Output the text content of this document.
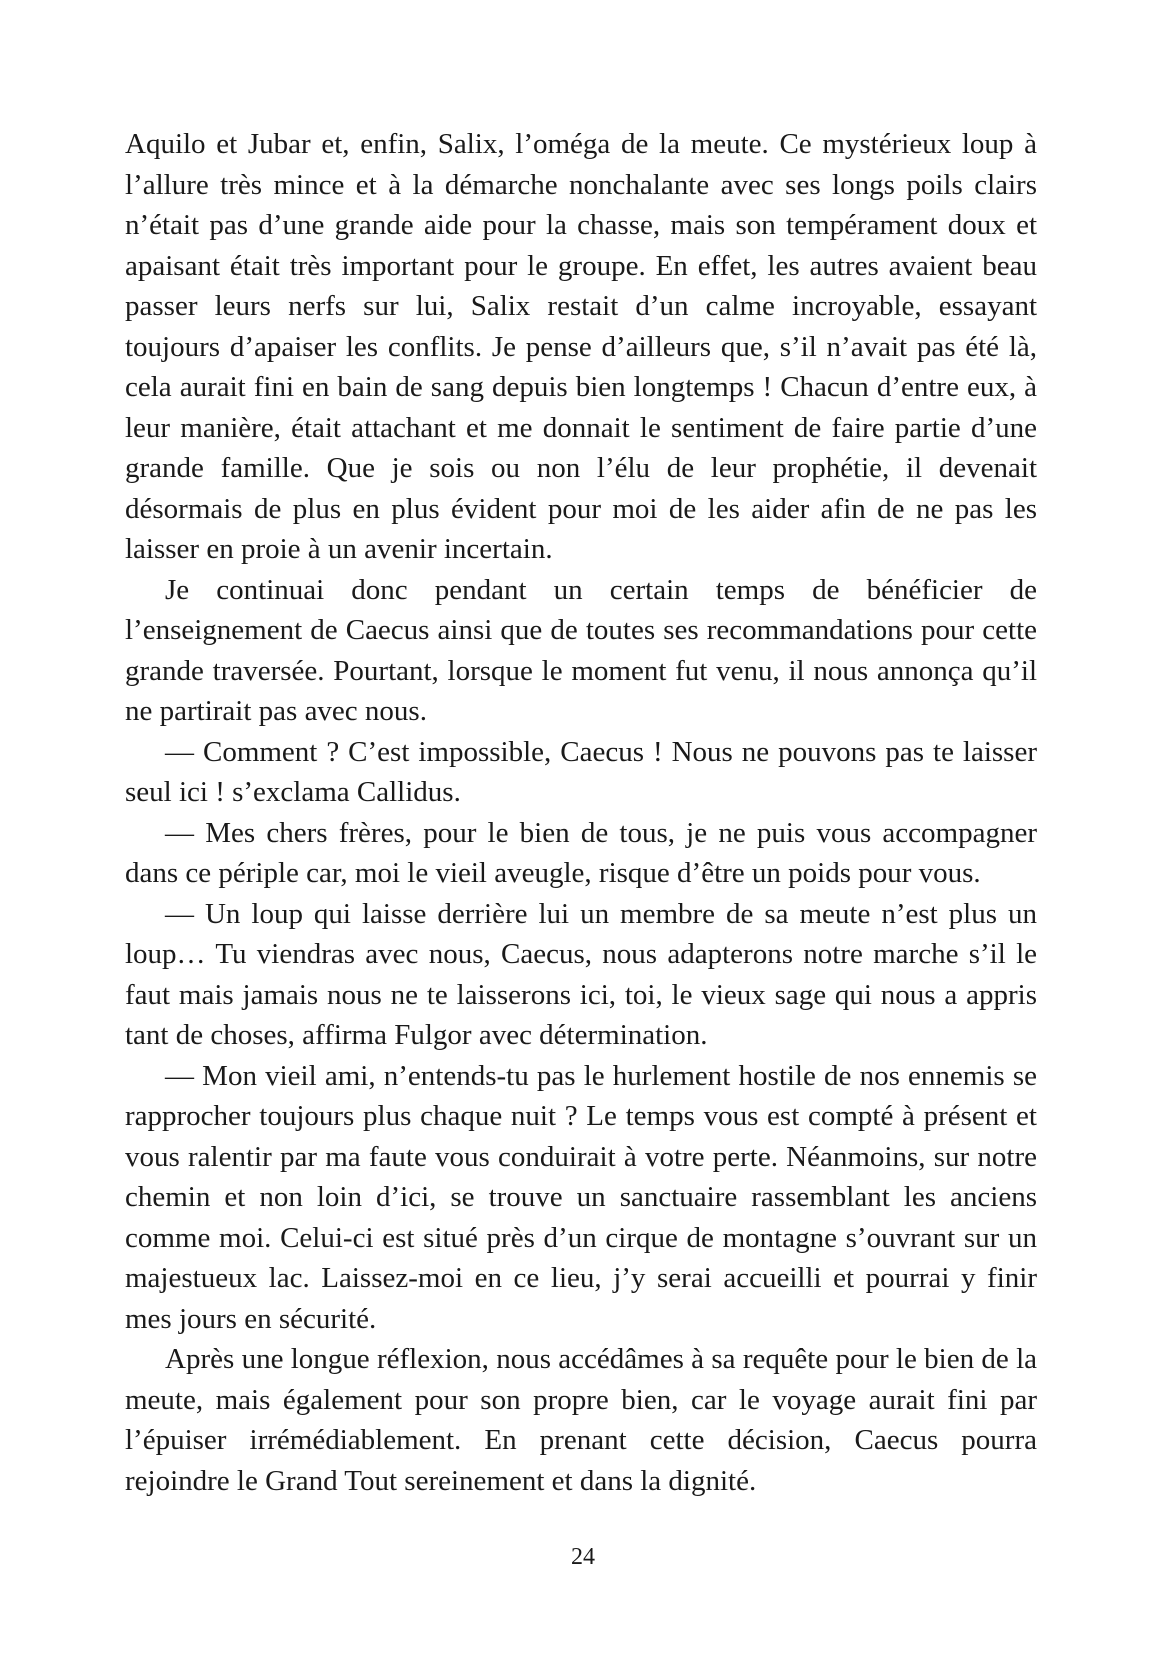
Aquilo et Jubar et, enfin, Salix, l’oméga de la meute. Ce mystérieux loup à l’allure très mince et à la démarche nonchalante avec ses longs poils clairs n’était pas d’une grande aide pour la chasse, mais son tempérament doux et apaisant était très important pour le groupe. En effet, les autres avaient beau passer leurs nerfs sur lui, Salix restait d’un calme incroyable, essayant toujours d’apaiser les conflits. Je pense d’ailleurs que, s’il n’avait pas été là, cela aurait fini en bain de sang depuis bien longtemps ! Chacun d’entre eux, à leur manière, était attachant et me donnait le sentiment de faire partie d’une grande famille. Que je sois ou non l’élu de leur prophétie, il devenait désormais de plus en plus évident pour moi de les aider afin de ne pas les laisser en proie à un avenir incertain.

Je continuai donc pendant un certain temps de bénéficier de l’enseignement de Caecus ainsi que de toutes ses recommandations pour cette grande traversée. Pourtant, lorsque le moment fut venu, il nous annonça qu’il ne partirait pas avec nous.

— Comment ? C’est impossible, Caecus ! Nous ne pouvons pas te laisser seul ici ! s’exclama Callidus.

— Mes chers frères, pour le bien de tous, je ne puis vous accompagner dans ce périple car, moi le vieil aveugle, risque d’être un poids pour vous.

— Un loup qui laisse derrière lui un membre de sa meute n’est plus un loup… Tu viendras avec nous, Caecus, nous adapterons notre marche s’il le faut mais jamais nous ne te laisserons ici, toi, le vieux sage qui nous a appris tant de choses, affirma Fulgor avec détermination.

— Mon vieil ami, n’entends-tu pas le hurlement hostile de nos ennemis se rapprocher toujours plus chaque nuit ? Le temps vous est compté à présent et vous ralentir par ma faute vous conduirait à votre perte. Néanmoins, sur notre chemin et non loin d’ici, se trouve un sanctuaire rassemblant les anciens comme moi. Celui-ci est situé près d’un cirque de montagne s’ouvrant sur un majestueux lac. Laissez-moi en ce lieu, j’y serai accueilli et pourrai y finir mes jours en sécurité.

Après une longue réflexion, nous accédâmes à sa requête pour le bien de la meute, mais également pour son propre bien, car le voyage aurait fini par l’épuiser irrémédiablement. En prenant cette décision, Caecus pourra rejoindre le Grand Tout sereinement et dans la dignité.

24
